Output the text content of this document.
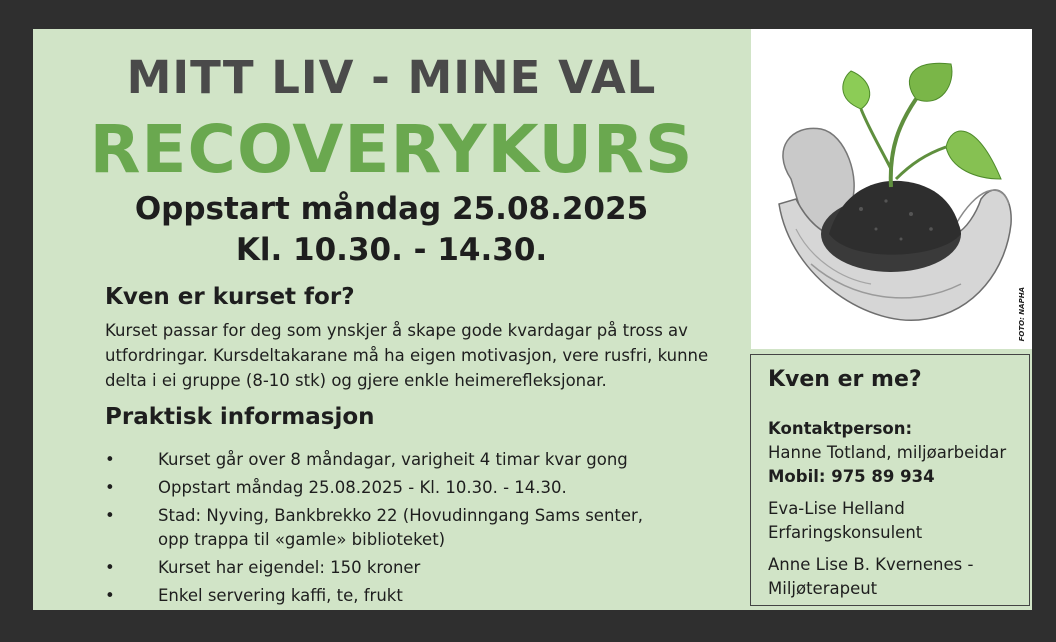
MITT LIV - MINE VAL
RECOVERYKURS
Oppstart måndag 25.08.2025
Kl. 10.30. - 14.30.
Kven er kurset for?

Kurset passar for deg som ynskjer å skape gode kvardagar på tross av
utfordringar. Kursdeltakarane må ha eigen motivasjon, vere rusfri, kunne
delta i ei gruppe (8-10 stk) og gjere enkle heimerefleksjonar.

Praktisk informasjon
•	Kurset går over 8 måndagar, varigheit 4 timar kvar gong
•	Oppstart måndag 25.08.2025 - Kl. 10.30. - 14.30.
•	Stad: Nyving, Bankbrekko 22 (Hovudinngang Sams senter,
opp trappa til «gamle» biblioteket)
•	Kurset har eigendel: 150 kroner
•	Enkel servering kaffi, te, frukt
FOTO: NAPHA
Kven er me?
Kontaktperson:
Hanne Totland, miljøarbeidar
Mobil: 975 89 934
Eva-Lise Helland
Erfaringskonsulent
Anne Lise B. Kvernenes -
Miljøterapeut
